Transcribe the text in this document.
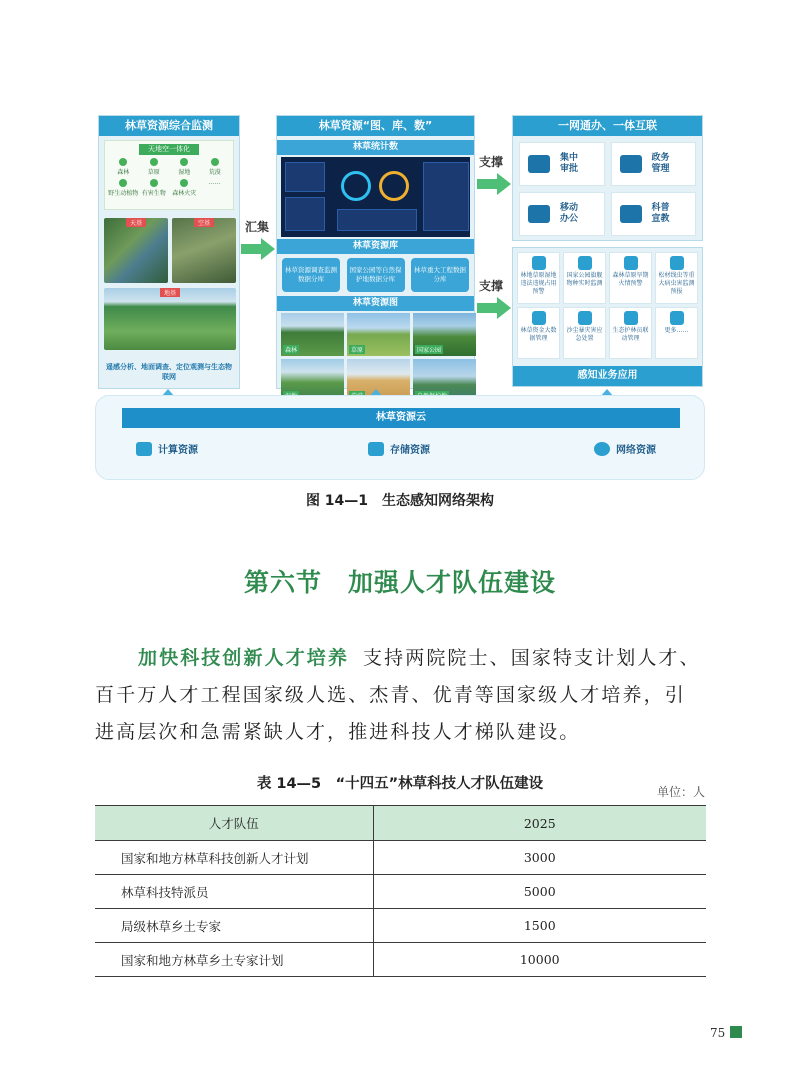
林草资源综合监测
天地空一体化
森林	草原	湿地	荒漠
野生动植物 有害生物	森林火灾
……
天基	空基
地基
遥感分析、地面调查、定位观测与生态物联网
汇集
林草资源“图、库、数”
林草统计数
林草资源库
林草资源调查监测数据分库
国家公园等自然保护地数据分库
林草重大工程数据分库
林草资源图
森林	草原	国家公园
支撑
支撑
一网通办、一体互联
集中审批
政务管理
移动办公
科普宣教
林地草原湿地违法违规占用预警
国家公园旗舰物种实时监测
森林草原旱期火情预警
松材线虫等重大病虫害监测预报
林草资金大数据管理
沙尘暴灾害应急处置
生态护林员联动管理
更多……
感知业务应用
林草资源云
计算资源	存储资源	网络资源
图 14—1　生态感知网络架构
第六节　加强人才队伍建设
加快科技创新人才培养 支持两院院士、国家特支计划人才、
百千万人才工程国家级人选、杰青、优青等国家级人才培养，引
进高层次和急需紧缺人才，推进科技人才梯队建设。
表 14—5　“十四五”林草科技人才队伍建设	单位：人
人才队伍	2025
国家和地方林草科技创新人才计划	3000
林草科技特派员	5000
局级林草乡土专家	1500
国家和地方林草乡土专家计划	10000
75
